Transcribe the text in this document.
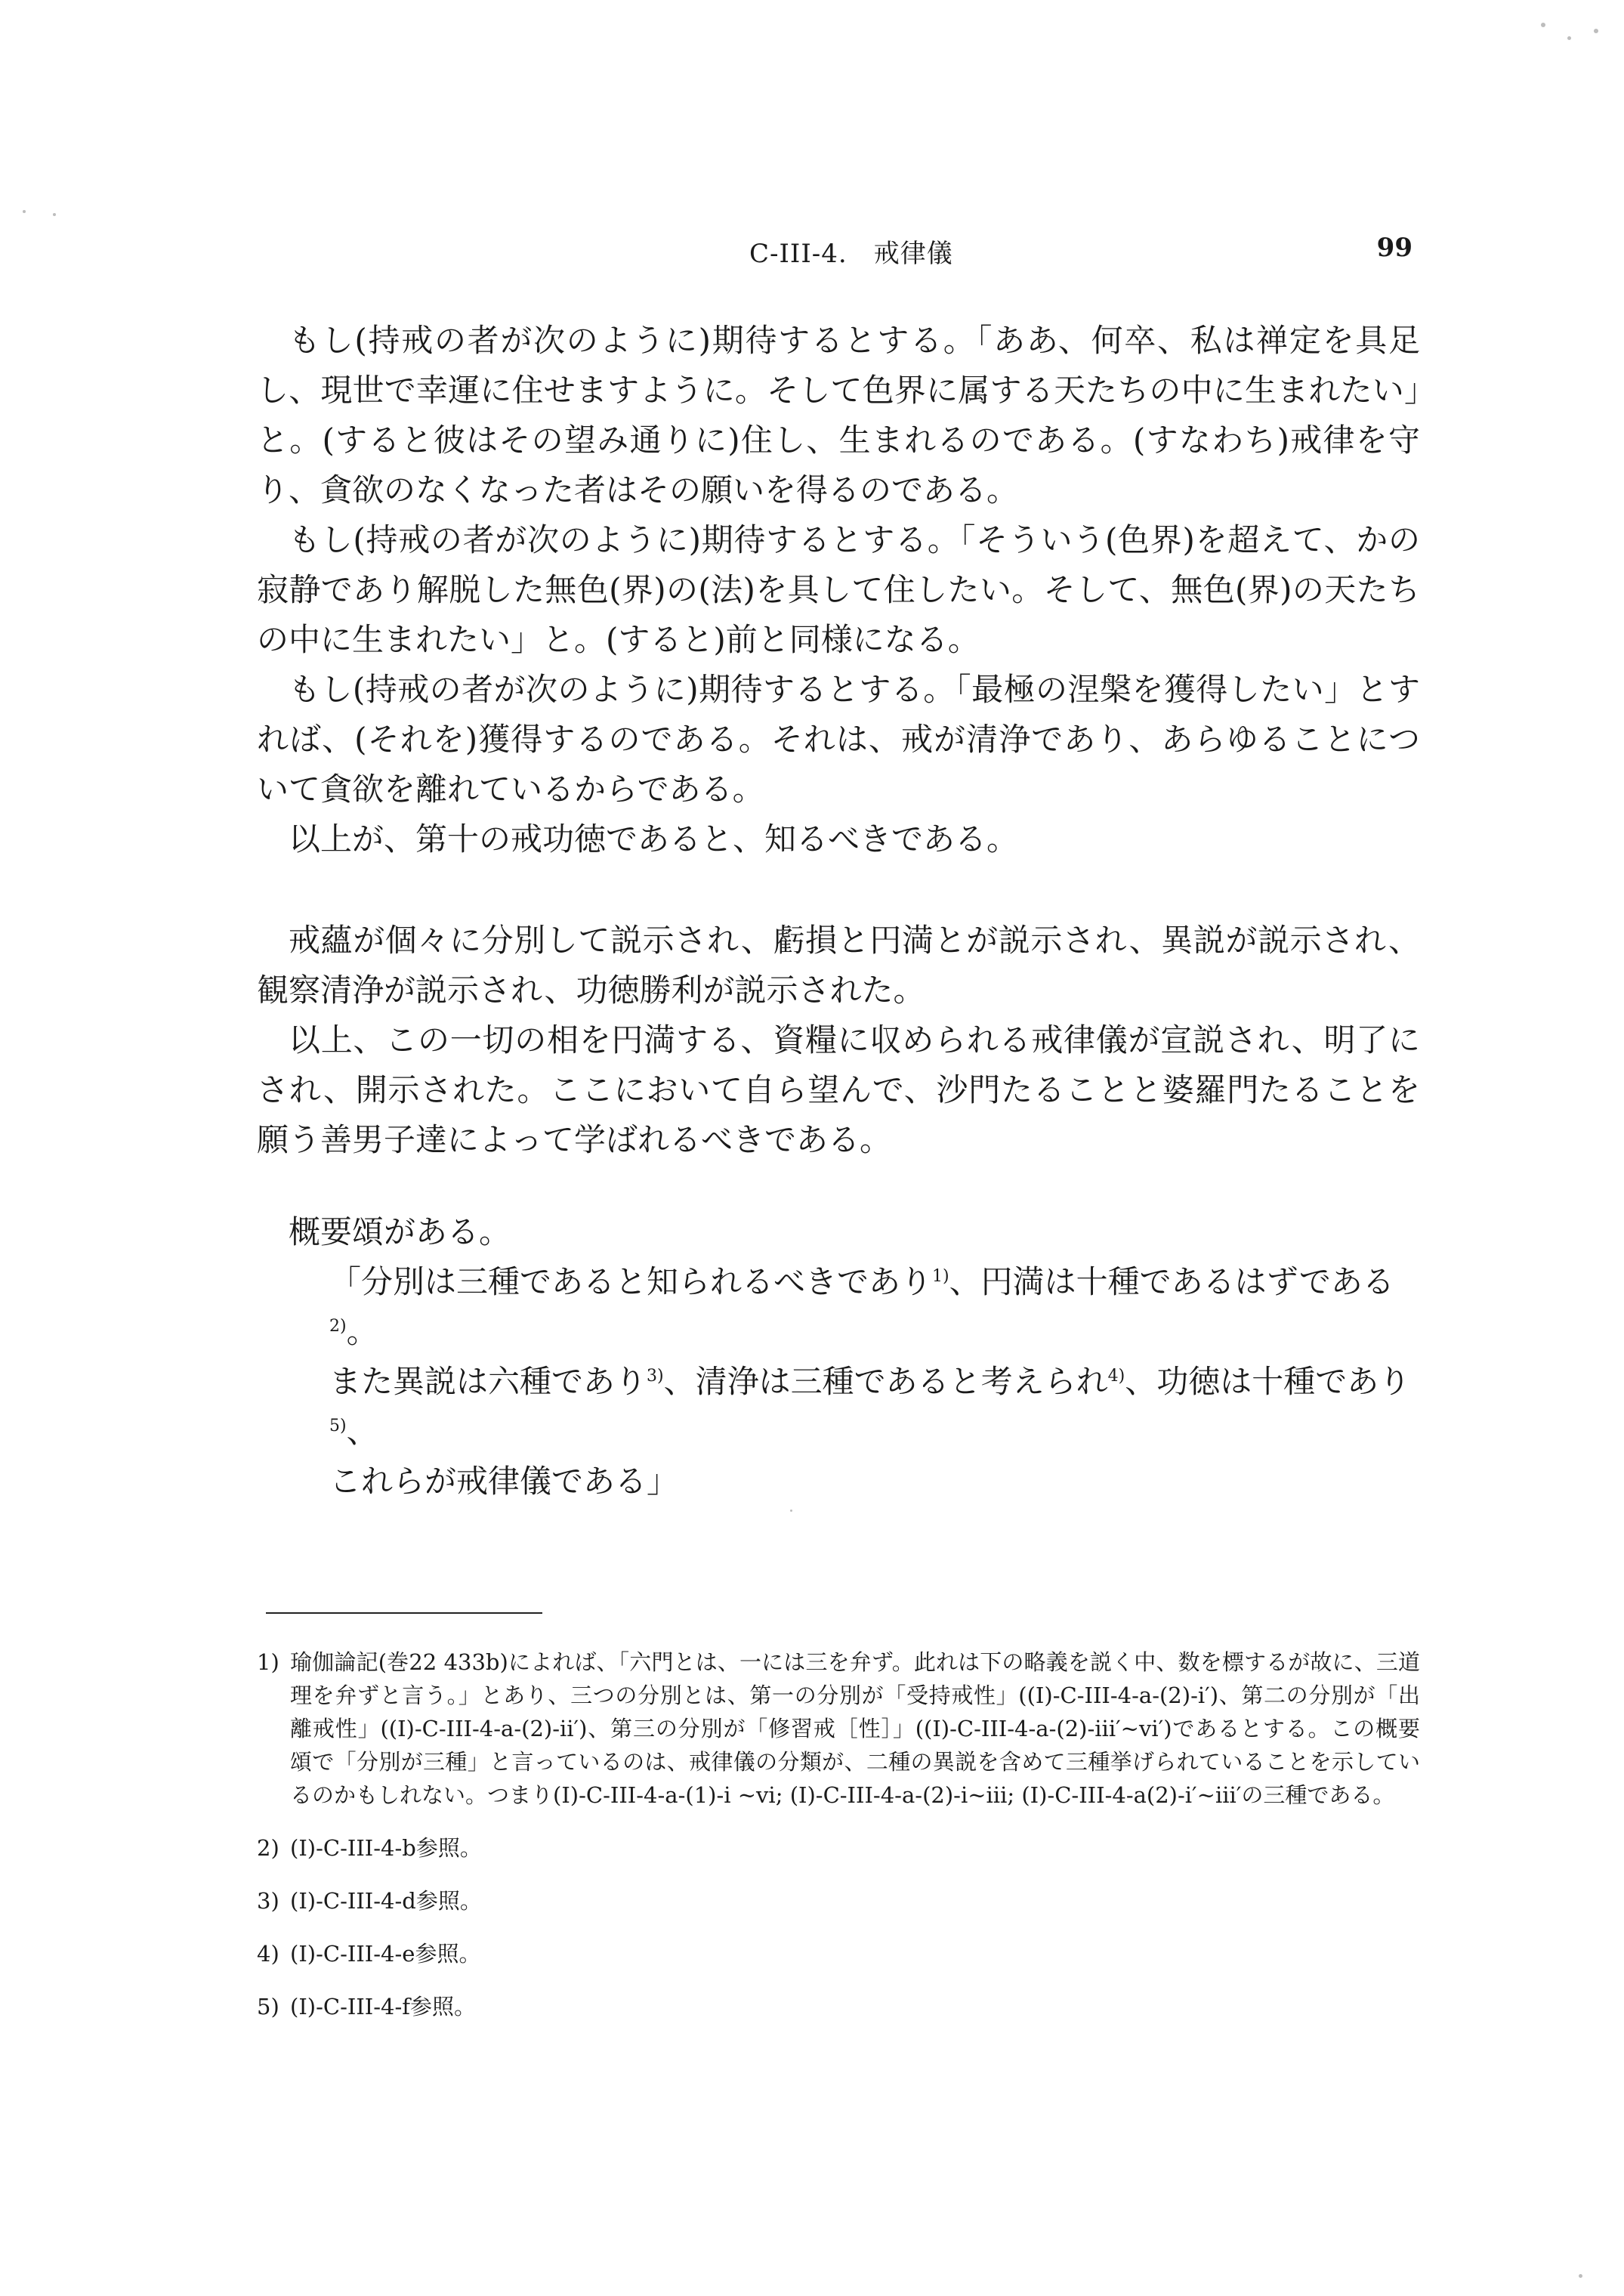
C-III-4.　戒律儀	99

もし(持戒の者が次のように)期待するとする。「ああ、何卒、私は禅定を具足し、現世で幸運に住せますように。そして色界に属する天たちの中に生まれたい」と。(すると彼はその望み通りに)住し、生まれるのである。(すなわち)戒律を守り、貪欲のなくなった者はその願いを得るのである。

もし(持戒の者が次のように)期待するとする。「そういう(色界)を超えて、かの寂静であり解脱した無色(界)の(法)を具して住したい。そして、無色(界)の天たちの中に生まれたい」と。(すると)前と同様になる。

もし(持戒の者が次のように)期待するとする。「最極の涅槃を獲得したい」とすれば、(それを)獲得するのである。それは、戒が清浄であり、あらゆることについて貪欲を離れているからである。

以上が、第十の戒功徳であると、知るべきである。

戒蘊が個々に分別して説示され、虧損と円満とが説示され、異説が説示され、観察清浄が説示され、功徳勝利が説示された。

以上、この一切の相を円満する、資糧に収められる戒律儀が宣説され、明了にされ、開示された。ここにおいて自ら望んで、沙門たることと婆羅門たることを願う善男子達によって学ばれるべきである。

概要頌がある。

「分別は三種であると知られるべきであり$^{1)}$、円満は十種であるはずである$^{2)}$。
また異説は六種であり$^{3)}$、清浄は三種であると考えられ$^{4)}$、功徳は十種であり$^{5)}$、
これらが戒律儀である」

1) 瑜伽論記(巻22 433b)によれば、「六門とは、一には三を弁ず。此れは下の略義を説く中、数を標するが故に、三道理を弁ずと言う。」とあり、三つの分別とは、第一の分別が「受持戒性」((I)-C-III-4-a-(2)-i′)、第二の分別が「出離戒性」((I)-C-III-4-a-(2)-ii′)、第三の分別が「修習戒［性］」((I)-C-III-4-a-(2)-iii′~vi′)であるとする。この概要頌で「分別が三種」と言っているのは、戒律儀の分類が、二種の異説を含めて三種挙げられていることを示しているのかもしれない。つまり(I)-C-III-4-a-(1)-i ~vi; (I)-C-III-4-a-(2)-i~iii; (I)-C-III-4-a(2)-i′~iii′の三種である。

2) (I)-C-III-4-b参照。

3) (I)-C-III-4-d参照。

4) (I)-C-III-4-e参照。

5) (I)-C-III-4-f参照。
